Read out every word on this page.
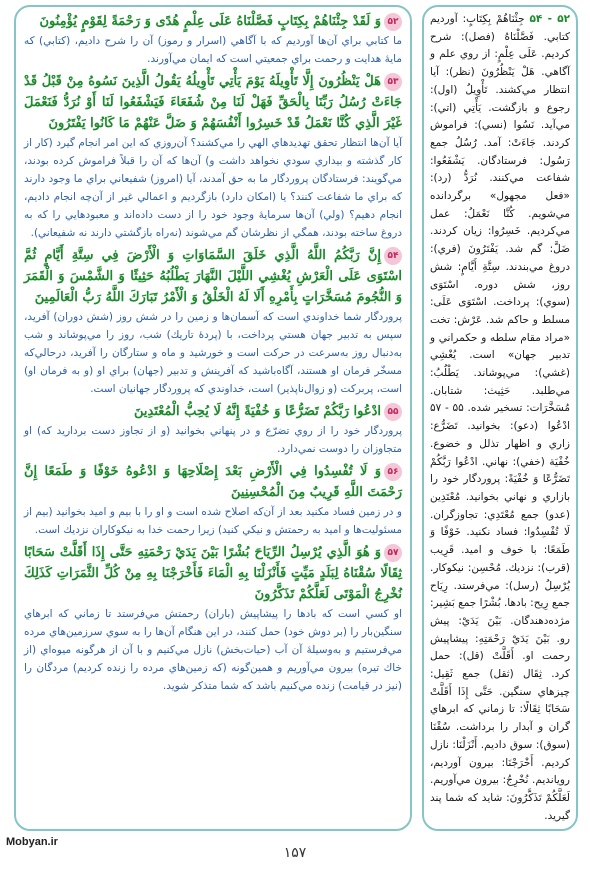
۵۲وَ لَقَدْ جِئْنَاهُمْ بِكِتَابٍ فَصَّلْنَاهُ عَلَى عِلْمٍ هُدًى وَ رَحْمَةً لِقَوْمٍ يُؤْمِنُونَ
ما كتابي براي آن‌ها آورديم كه با آگاهي (اسرار و رموز) آن را شرح داديم، (كتابي) كه مايۀ هدايت و رحمت براي جمعيتي است كه ايمان مي‌آورند.
۵۳هَلْ يَنْظُرُونَ إِلَّا تَأْوِيلَهُ يَوْمَ يَأْتِي تَأْوِيلُهُ يَقُولُ الَّذِينَ نَسُوهُ مِنْ قَبْلُ قَدْ جَاءَتْ رُسُلُ رَبِّنَا بِالْحَقِّ فَهَلْ لَنَا مِنْ شُفَعَاءَ فَيَشْفَعُوا لَنَا أَوْ نُرَدُّ فَنَعْمَلَ غَيْرَ الَّذِي كُنَّا نَعْمَلُ قَدْ خَسِرُوا أَنْفُسَهُمْ وَ ضَلَّ عَنْهُمْ مَا كَانُوا يَفْتَرُونَ
آيا آن‌ها انتظار تحقق تهديدهاي الهي را مي‌كشند؟ آن‌روزي كه اين امر انجام گيرد (كار از كار گذشته و بيداري سودي نخواهد داشت و) آن‌ها كه آن را قبلاً فراموش كرده بودند، مي‌گويند: فرستادگان پروردگار ما به حق آمدند، آيا (امروز) شفيعاني براي ما وجود دارند كه براي ما شفاعت كنند؟ يا (امكان دارد) بازگرديم و اعمالي غير از آن‌چه انجام داديم، انجام دهيم؟ (ولي) آن‌ها سرمايۀ وجود خود را از دست داده‌اند و معبودهايي را كه به دروغ ساخته بودند، همگي از نظرشان گم مي‌شوند (نه‌راه بازگشتي دارند نه شفيعاني).
۵۴إِنَّ رَبَّكُمُ اللَّهُ الَّذِي خَلَقَ السَّمَاوَاتِ وَ الْأَرْضَ فِي سِتَّةِ أَيَّامٍ ثُمَّ اسْتَوَى عَلَى الْعَرْشِ يُغْشِي اللَّيْلَ النَّهَارَ يَطْلُبُهُ حَثِيثًا وَ الشَّمْسَ وَ الْقَمَرَ وَ النُّجُومَ مُسَخَّرَاتٍ بِأَمْرِهِ أَلَا لَهُ الْخَلْقُ وَ الْأَمْرُ تَبَارَكَ اللَّهُ رَبُّ الْعَالَمِينَ
پروردگار شما خداوندي است كه آسمان‌ها و زمين را در شش روز (شش دوران) آفريد، سپس به تدبير جهان هستي پرداخت، با (پردۀ تاريك) شب، روز را مي‌پوشاند و شب به‌دنبال روز به‌سرعت در حركت است و خورشيد و ماه و ستارگان را آفريد، درحالي‌كه مسخّر فرمان او هستند، آگاه‌باشيد كه آفرينش و تدبير (جهان) براي او (و به فرمان او) است، پربركت (و زوال‌ناپذير) است، خداوندي كه پروردگار جهانيان است.
۵۵ادْعُوا رَبَّكُمْ تَضَرُّعًا وَ خُفْيَةً إِنَّهُ لَا يُحِبُّ الْمُعْتَدِينَ
پروردگار خود را از روي تضرّع و در پنهاني بخوانيد (و از تجاوز دست برداريد كه) او متجاوزان را دوست نمي‌دارد.
۵۶وَ لَا تُفْسِدُوا فِي الْأَرْضِ بَعْدَ إِصْلَاحِهَا وَ ادْعُوهُ خَوْفًا وَ طَمَعًا إِنَّ رَحْمَتَ اللَّهِ قَرِيبٌ مِنَ الْمُحْسِنِينَ
و در زمين فساد مكنيد بعد از آن‌كه اصلاح شده است و او را با بيم و اميد بخوانيد (بيم از مسئوليت‌ها و اميد به رحمتش و نيكي كنيد) زيرا رحمت خدا به نيكوكاران نزديك است.
۵۷وَ هُوَ الَّذِي يُرْسِلُ الرِّيَاحَ بُشْرًا بَيْنَ يَدَيْ رَحْمَتِهِ حَتَّى إِذَا أَقَلَّتْ سَحَابًا ثِقَالًا سُقْنَاهُ لِبَلَدٍ مَيِّتٍ فَأَنْزَلْنَا بِهِ الْمَاءَ فَأَخْرَجْنَا بِهِ مِنْ كُلِّ الثَّمَرَاتِ كَذَلِكَ نُخْرِجُ الْمَوْتَى لَعَلَّكُمْ تَذَكَّرُونَ
او كسي است كه بادها را پيشاپيش (باران) رحمتش مي‌فرستد تا زماني كه ابرهاي سنگين‌بار را (بر دوش خود) حمل كنند، در اين هنگام آن‌ها را به سوي سرزمين‌هاي مرده مي‌فرستيم و به‌وسيلۀ آن آب (حيات‌بخش) نازل مي‌كنيم و با آن از هرگونه ميوه‌اي (از خاك تيره) بيرون مي‌آوريم و همين‌گونه (كه زمين‌هاي مرده را زنده كرديم) مردگان را (نيز در قيامت) زنده مي‌كنيم باشد كه شما متذكر شويد.
۵۲ - ۵۴ جِئْنَاهُمْ بِكِتَابٍ: آورديم كتابي. فَصَّلْنَاهُ (فصل): شرح كرديم. عَلَى عِلْمٍ: از روي علم و آگاهي. هَلْ يَنْظُرُونَ (نظر): آيا انتظار مي‌كشند. تَأْوِيلُ (اول): رجوع و بازگشت. يَأْتِي (اتي): مي‌آيد. نَسُوا (نسي): فراموش كردند. جَاءَتْ: آمد. رُسُلُ جمع رَسُول: فرستادگان. يَشْفَعُوا: شفاعت مي‌كنند. نُرَدُّ (رد): «فعل مجهول» برگردانده مي‌شويم. كُنَّا نَعْمَلُ: عمل مي‌كرديم. خَسِرُوا: زيان كردند. ضَلَّ: گم شد. يَفْتَرُونَ (فري): دروغ مي‌بندند. سِتَّةِ أَيَّامٍ: شش روز، شش دوره. اسْتَوَى (سوي): پرداخت. اسْتَوَى عَلَى: مسلط و حاكم شد. عَرْش: تخت «مراد مقام سلطه و حكمراني و تدبير جهان» است. يُغْشِي (غشي): مي‌پوشاند. يَطْلُبُ: مي‌طلبد. حَثِيث: شتابان. مُسَخَّرَات: تسخير شده. ۵۵ - ۵۷ ادْعُوا (دعو): بخوانيد. تَضَرُّع: زاري و اظهار تذلل و خضوع. خُفْيَة (خفي): نهاني. ادْعُوا رَبَّكُمْ تَضَرُّعًا وَ خُفْيَةً: پروردگار خود را بازاري و نهاني بخوانيد. مُعْتَدِين (عدو) جمع مُعْتَدِي: تجاوزگران. لَا تُفْسِدُوا: فساد نكنيد. خَوْفًا وَ طَمَعًا: با خوف و اميد. قَرِيب (قرب): نزديك. مُحْسِن: نيكوكار. يُرْسِلُ (رسل): مي‌فرستد. رِيَاح جمع رِيح: بادها. بُشْرًا جمع بَشِير: مژده‌دهندگان. بَيْنَ يَدَيْ: پيش رو. بَيْنَ يَدَيْ رَحْمَتِهِ: پيشاپيش رحمت او. أَقَلَّتْ (قل): حمل كرد. ثِقَال (ثقل) جمع ثَقِيل: چيزهاي سنگين. حَتَّى إِذَا أَقَلَّتْ سَحَابًا ثِقَالًا: تا زماني كه ابرهاي گران و آبدار را برداشت. سُقْنَا (سوق): سوق داديم. أَنْزَلْنَا: نازل كرديم. أَخْرَجْنَا: بيرون آورديم، رويانديم. نُخْرِجُ: بيرون مي‌آوريم. لَعَلَّكُمْ تَذَكَّرُونَ: شايد كه شما پند گيريد.
Mobyan.ir
۱۵۷
